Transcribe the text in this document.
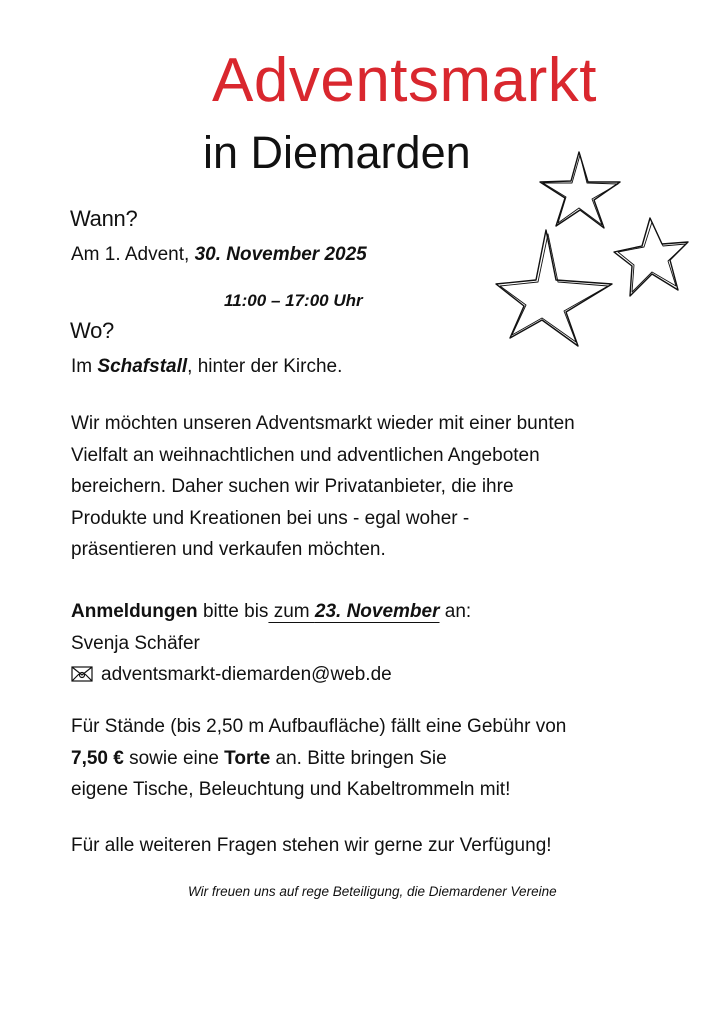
Adventsmarkt
in Diemarden
Wann?
Am 1. Advent, 30. November 2025
11:00 – 17:00 Uhr
Wo?
Im Schafstall, hinter der Kirche.
Wir möchten unseren Adventsmarkt wieder mit einer bunten
Vielfalt an weihnachtlichen und adventlichen Angeboten
bereichern. Daher suchen wir Privatanbieter, die ihre
Produkte und Kreationen bei uns - egal woher -
präsentieren und verkaufen möchten.
Anmeldungen bitte bis zum 23. November an:
Svenja Schäfer
adventsmarkt-diemarden@web.de
Für Stände (bis 2,50 m Aufbaufläche) fällt eine Gebühr von
7,50 € sowie eine Torte an. Bitte bringen Sie
eigene Tische, Beleuchtung und Kabeltrommeln mit!
Für alle weiteren Fragen stehen wir gerne zur Verfügung!
Wir freuen uns auf rege Beteiligung, die Diemardener Vereine
